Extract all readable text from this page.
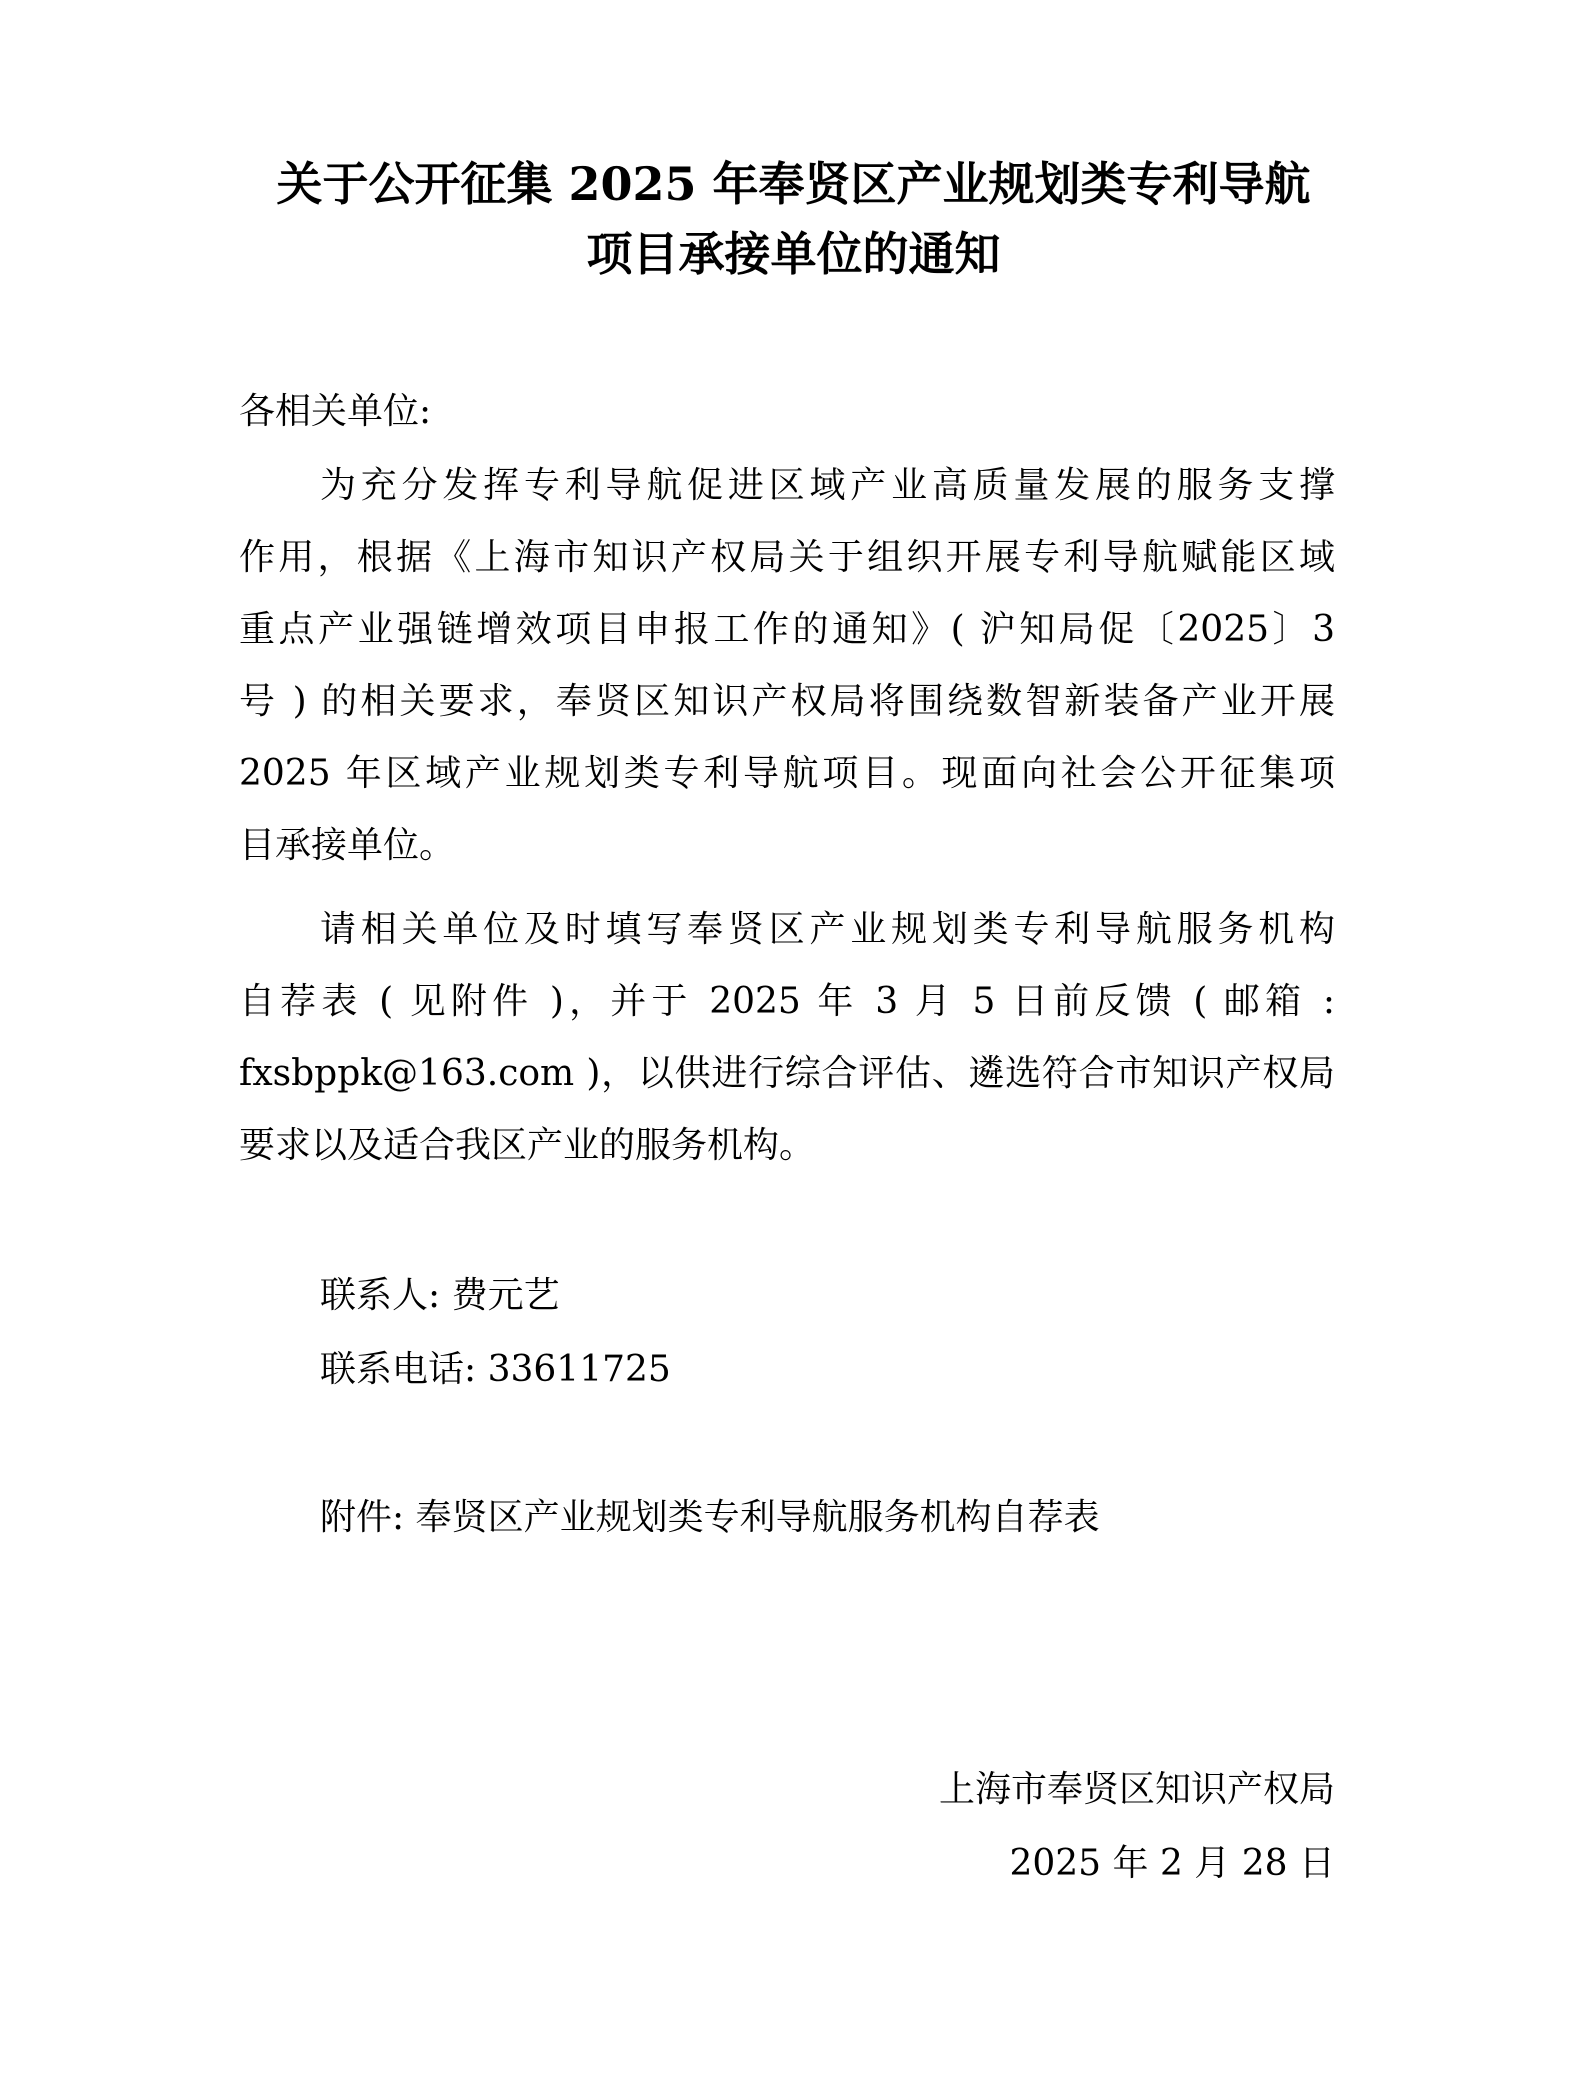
关于公开征集 2025 年奉贤区产业规划类专利导航
项目承接单位的通知

各相关单位:

为充分发挥专利导航促进区域产业高质量发展的服务支撑

作用，根据《上海市知识产权局关于组织开展专利导航赋能区域

重点产业强链增效项目申报工作的通知》( 沪知局促〔2025〕3

号 ) 的相关要求，奉贤区知识产权局将围绕数智新装备产业开展

2025 年区域产业规划类专利导航项目。现面向社会公开征集项

目承接单位。

请相关单位及时填写奉贤区产业规划类专利导航服务机构

自荐表 ( 见附件 )，并于 2025 年 3 月 5 日前反馈 ( 邮箱 :

fxsbppk@163.com )，以供进行综合评估、遴选符合市知识产权局

要求以及适合我区产业的服务机构。

联系人: 费元艺

联系电话: 33611725

附件: 奉贤区产业规划类专利导航服务机构自荐表

上海市奉贤区知识产权局

2025 年 2 月 28 日
